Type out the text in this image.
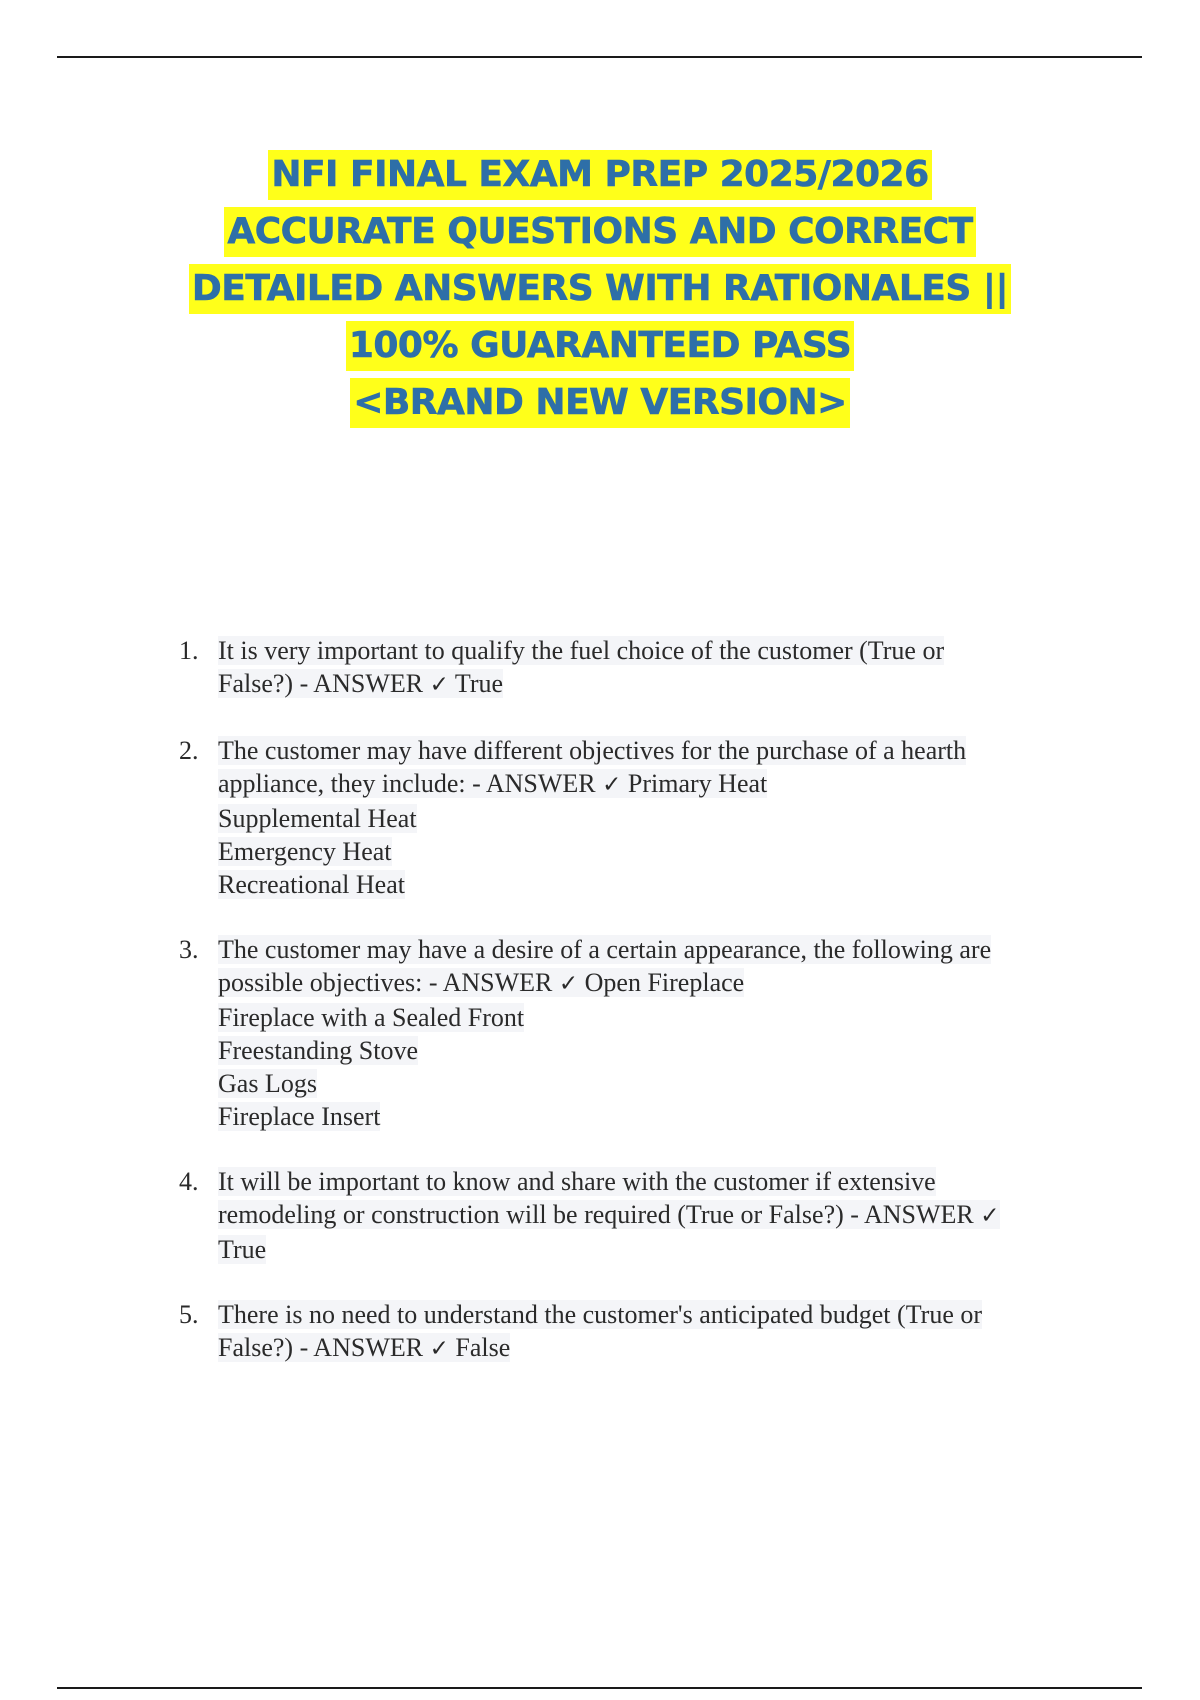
NFI FINAL EXAM PREP 2025/2026
ACCURATE QUESTIONS AND CORRECT
DETAILED ANSWERS WITH RATIONALES ||
100% GUARANTEED PASS
<BRAND NEW VERSION>
1. It is very important to qualify the fuel choice of the customer (True or
False?) - ANSWER ✓ True
2. The customer may have different objectives for the purchase of a hearth
appliance, they include: - ANSWER ✓ Primary Heat
Supplemental Heat
Emergency Heat
Recreational Heat
3. The customer may have a desire of a certain appearance, the following are
possible objectives: - ANSWER ✓ Open Fireplace
Fireplace with a Sealed Front
Freestanding Stove
Gas Logs
Fireplace Insert
4. It will be important to know and share with the customer if extensive
remodeling or construction will be required (True or False?) - ANSWER ✓
True
5. There is no need to understand the customer's anticipated budget (True or
False?) - ANSWER ✓ False
